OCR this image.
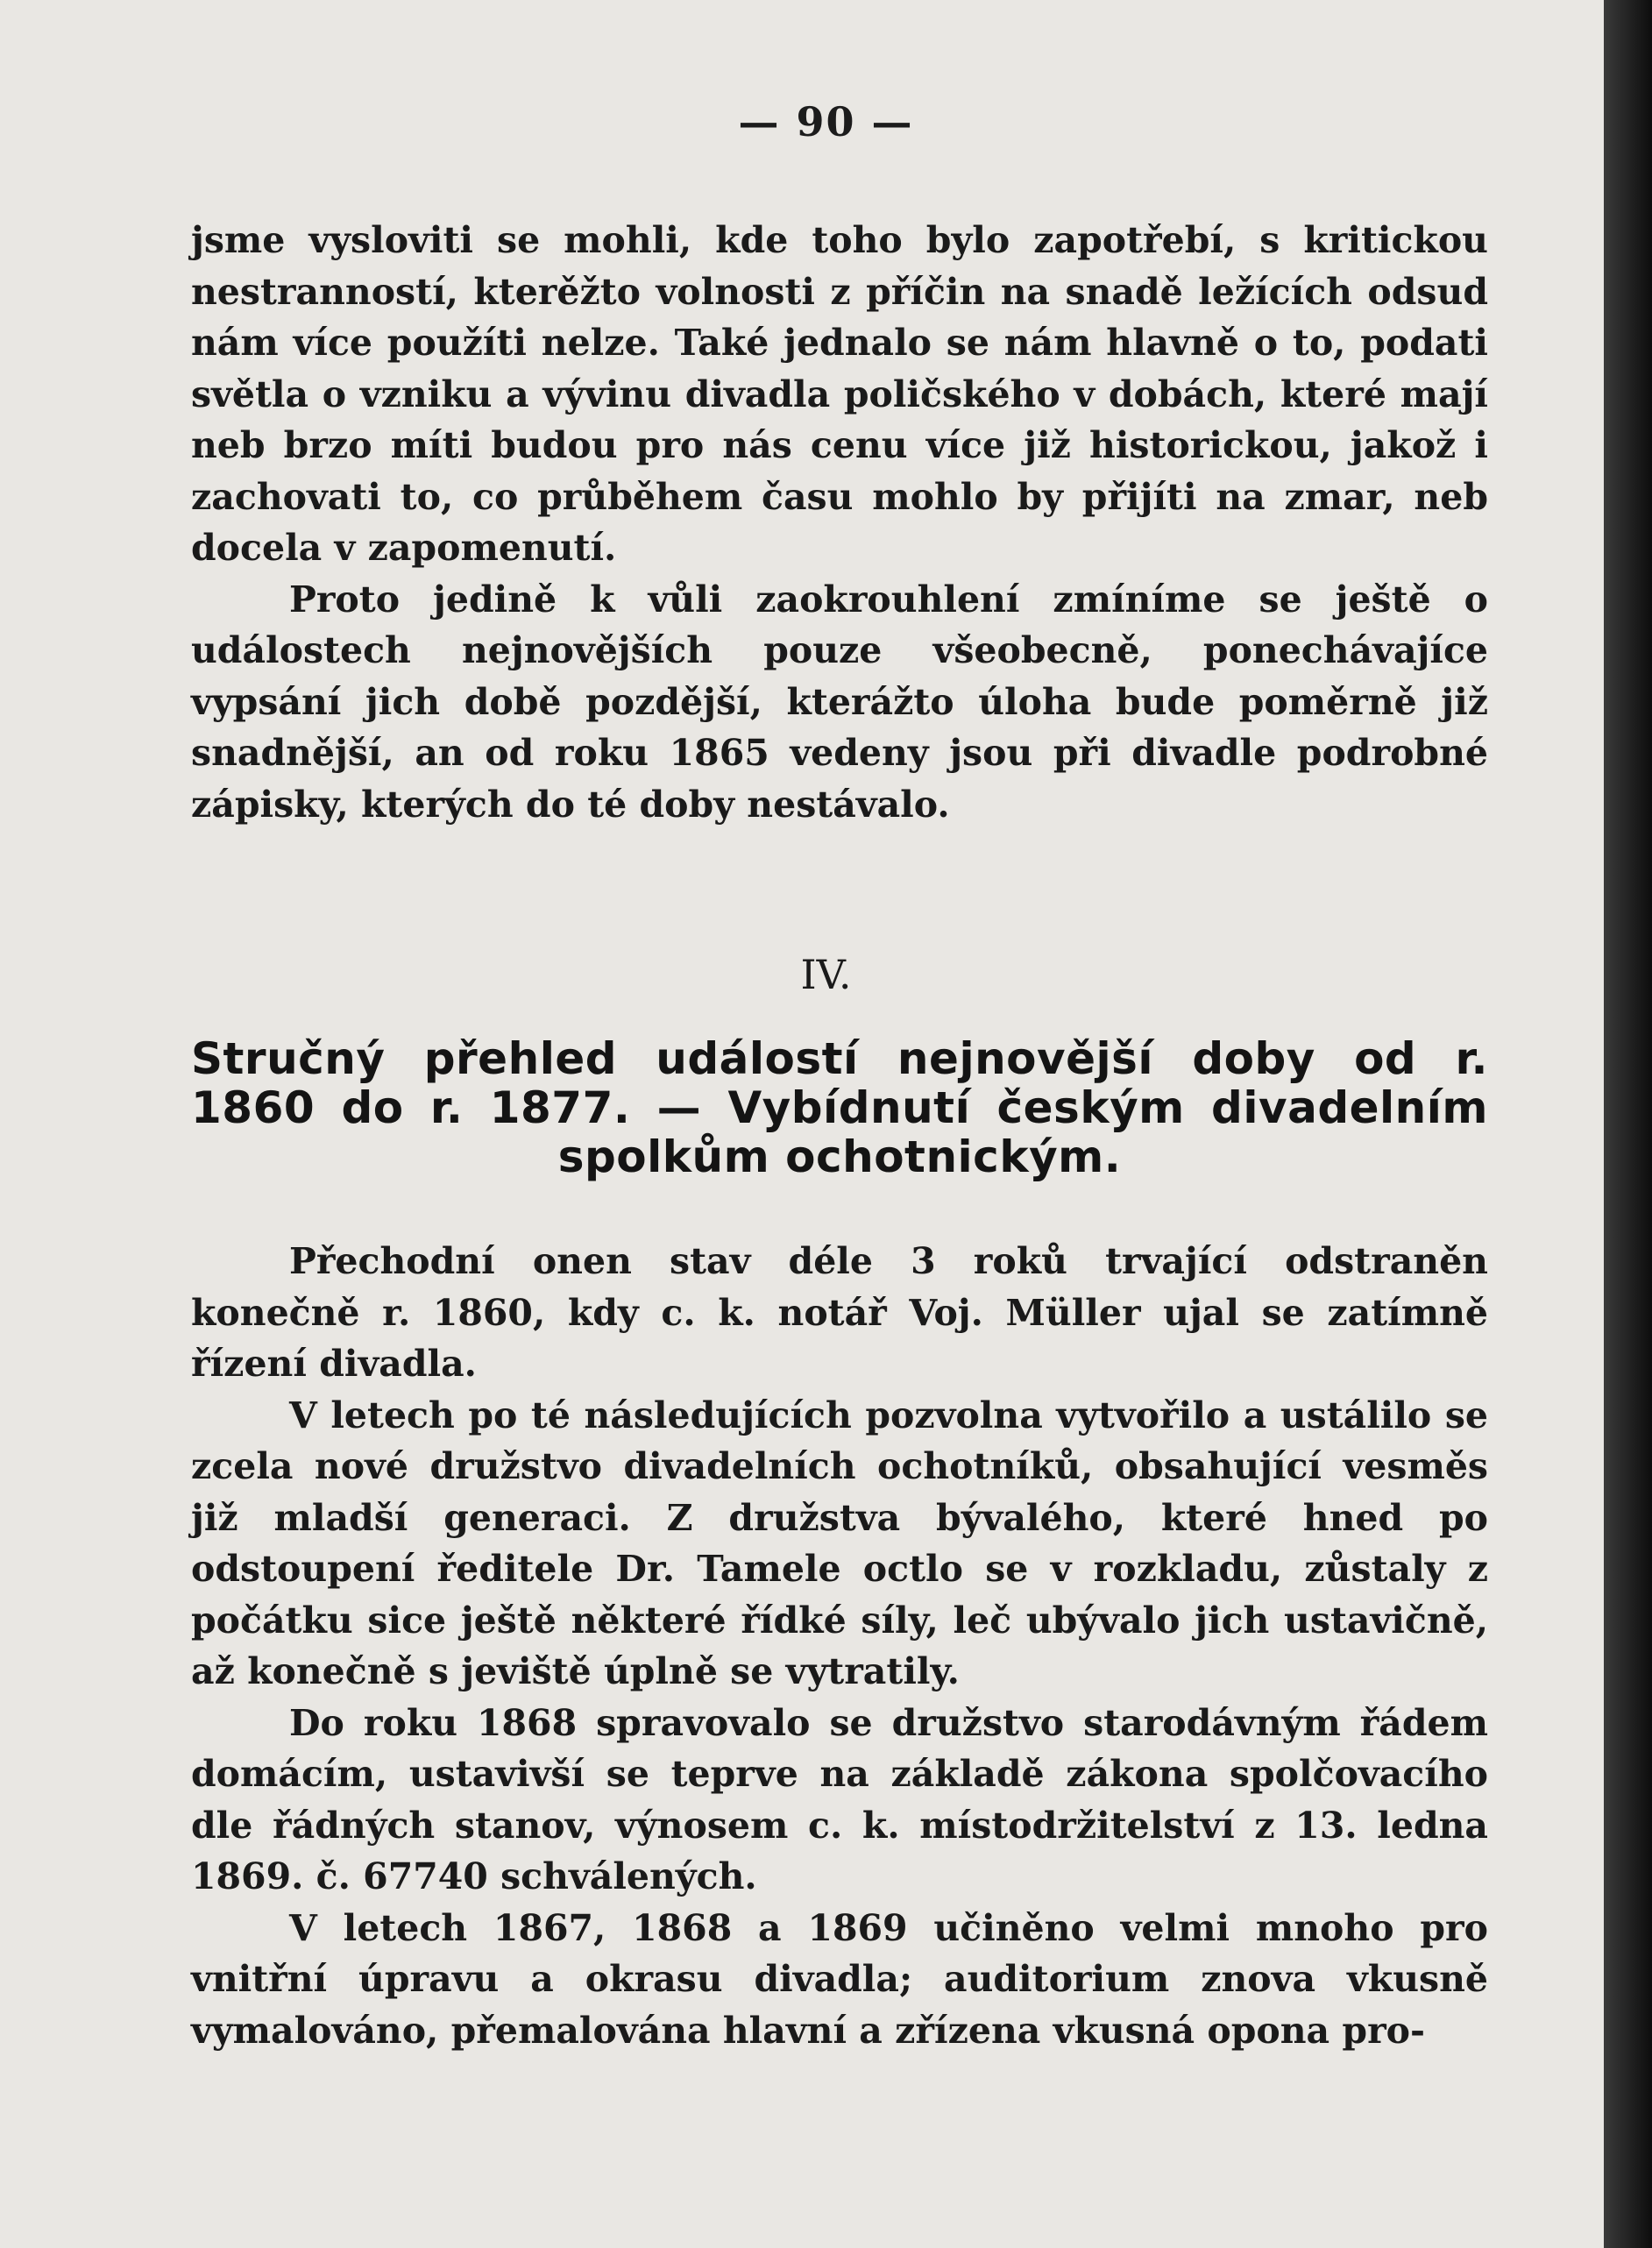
— 90 —

jsme vysloviti se mohli, kde toho bylo zapotřebí, s kritickou nestranností, kterěžto volnosti z příčin na snadě ležících odsud nám více použíti nelze. Také jednalo se nám hlavně o to, podati světla o vzniku a vývinu divadla poličského v dobách, které mají neb brzo míti budou pro nás cenu více již historickou, jakož i zachovati to, co průběhem času mohlo by přijíti na zmar, neb docela v zapomenutí.

Proto jedině k vůli zaokrouhlení zmíníme se ještě o událostech nejnovějších pouze všeobecně, ponechávajíce vypsání jich době pozdější, kterážto úloha bude poměrně již snadnější, an od roku 1865 vedeny jsou při divadle podrobné zápisky, kterých do té doby nestávalo.

IV.
Stručný přehled událostí nejnovější doby od r. 1860 do r. 1877. — Vybídnutí českým divadelním spolkům ochotnickým.

Přechodní onen stav déle 3 roků trvající odstraněn konečně r. 1860, kdy c. k. notář Voj. Müller ujal se zatímně řízení divadla.

V letech po té následujících pozvolna vytvořilo a ustálilo se zcela nové družstvo divadelních ochotníků, obsahující vesměs již mladší generaci. Z družstva bývalého, které hned po odstoupení ředitele Dr. Tamele octlo se v rozkladu, zůstaly z počátku sice ještě některé řídké síly, leč ubývalo jich ustavičně, až konečně s jeviště úplně se vytratily.

Do roku 1868 spravovalo se družstvo starodávným řádem domácím, ustavivší se teprve na základě zákona spolčovacího dle řádných stanov, výnosem c. k. místodržitelství z 13. ledna 1869. č. 67740 schválených.

V letech 1867, 1868 a 1869 učiněno velmi mnoho pro vnitřní úpravu a okrasu divadla; auditorium znova vkusně vymalováno, přemalována hlavní a zřízena vkusná opona pro-
